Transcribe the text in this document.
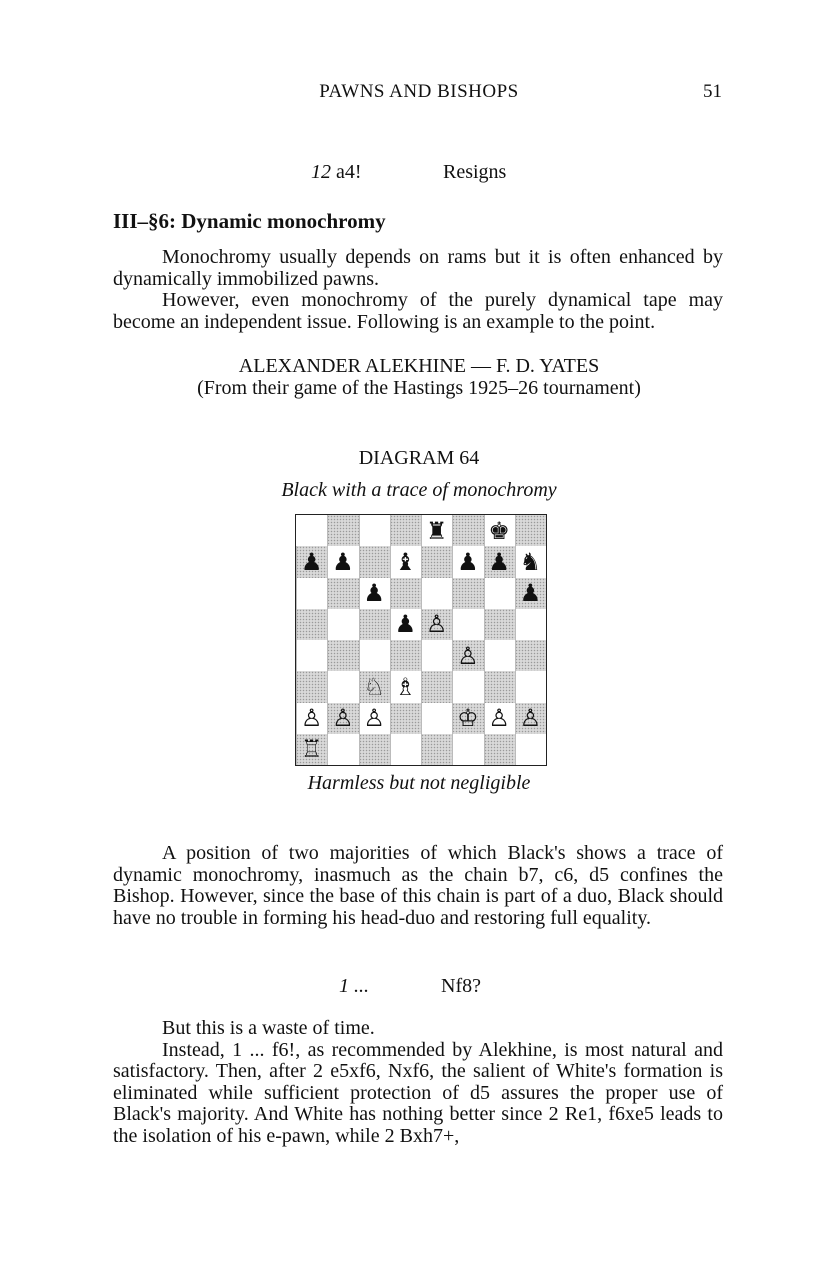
PAWNS AND BISHOPS	51
12 a4!	Resigns
III–§6: Dynamic monochromy

Monochromy usually depends on rams but it is often enhanced by dynamically immobilized pawns.

However, even monochromy of the purely dynamical tape may become an independent issue. Following is an example to the point.

ALEXANDER ALEKHINE — F. D. YATES
(From their game of the Hastings 1925–26 tournament)
DIAGRAM 64
Black with a trace of monochromy
♜ ♚
♟ ♟ ♝ ♟ ♟ ♞
♟	♟
♟ ♙
♙
♘ ♗
♙ ♙ ♙	♔ ♙ ♙
♖
Harmless but not negligible
A position of two majorities of which Black's shows a trace of dynamic monochromy, inasmuch as the chain b7, c6, d5 confines the Bishop. However, since the base of this chain is part of a duo, Black should have no trouble in forming his head-duo and restoring full equality.
1 ...	Nf8?

But this is a waste of time.

Instead, 1 ... f6!, as recommended by Alekhine, is most natural and satisfactory. Then, after 2 e5xf6, Nxf6, the salient of White's formation is eliminated while sufficient protection of d5 assures the proper use of Black's majority. And White has nothing better since 2 Re1, f6xe5 leads to the isolation of his e-pawn, while 2 Bxh7+,
